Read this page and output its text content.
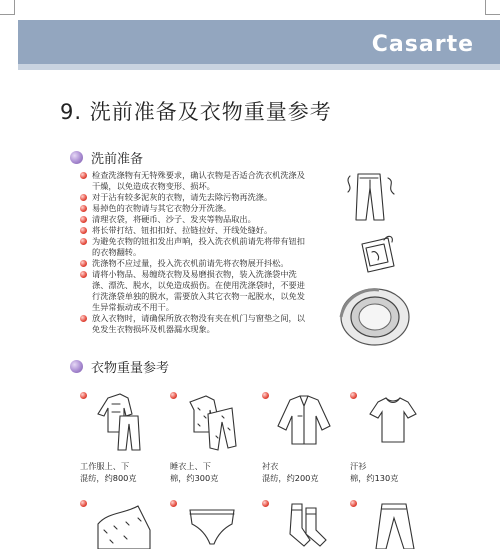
Casarte
9. 洗前准备及衣物重量参考
洗前准备
检查洗涤物有无特殊要求，确认衣物是否适合洗衣机洗涤及干燥，以免造成衣物变形、损坏。
对于沾有较多泥灰的衣物，请先去除污物再洗涤。
易掉色的衣物请与其它衣物分开洗涤。
清理衣袋，将硬币、沙子、发夹等物品取出。
将长带打结、钮扣扣好、拉链拉好、开线处缝好。
为避免衣物的钮扣发出声响，投入洗衣机前请先将带有钮扣的衣物翻转。
洗涤物不应过量，投入洗衣机前请先将衣物展开抖松。
请将小物品、易缠绕衣物及易磨损衣物，装入洗涤袋中洗涤、漂洗、脱水，以免造成损伤。在使用洗涤袋时，不要进行洗涤袋单独的脱水，需要放入其它衣物一起脱水，以免发生异常振动或不用干。
放入衣物时，请确保所放衣物没有夹在机门与窗垫之间，以免发生衣物损坏及机器漏水现象。
衣物重量参考
工作服上、下
混纺，约800克
睡衣上、下
棉，约300克
衬衣
混纺，约200克
汗衫
棉，约130克
